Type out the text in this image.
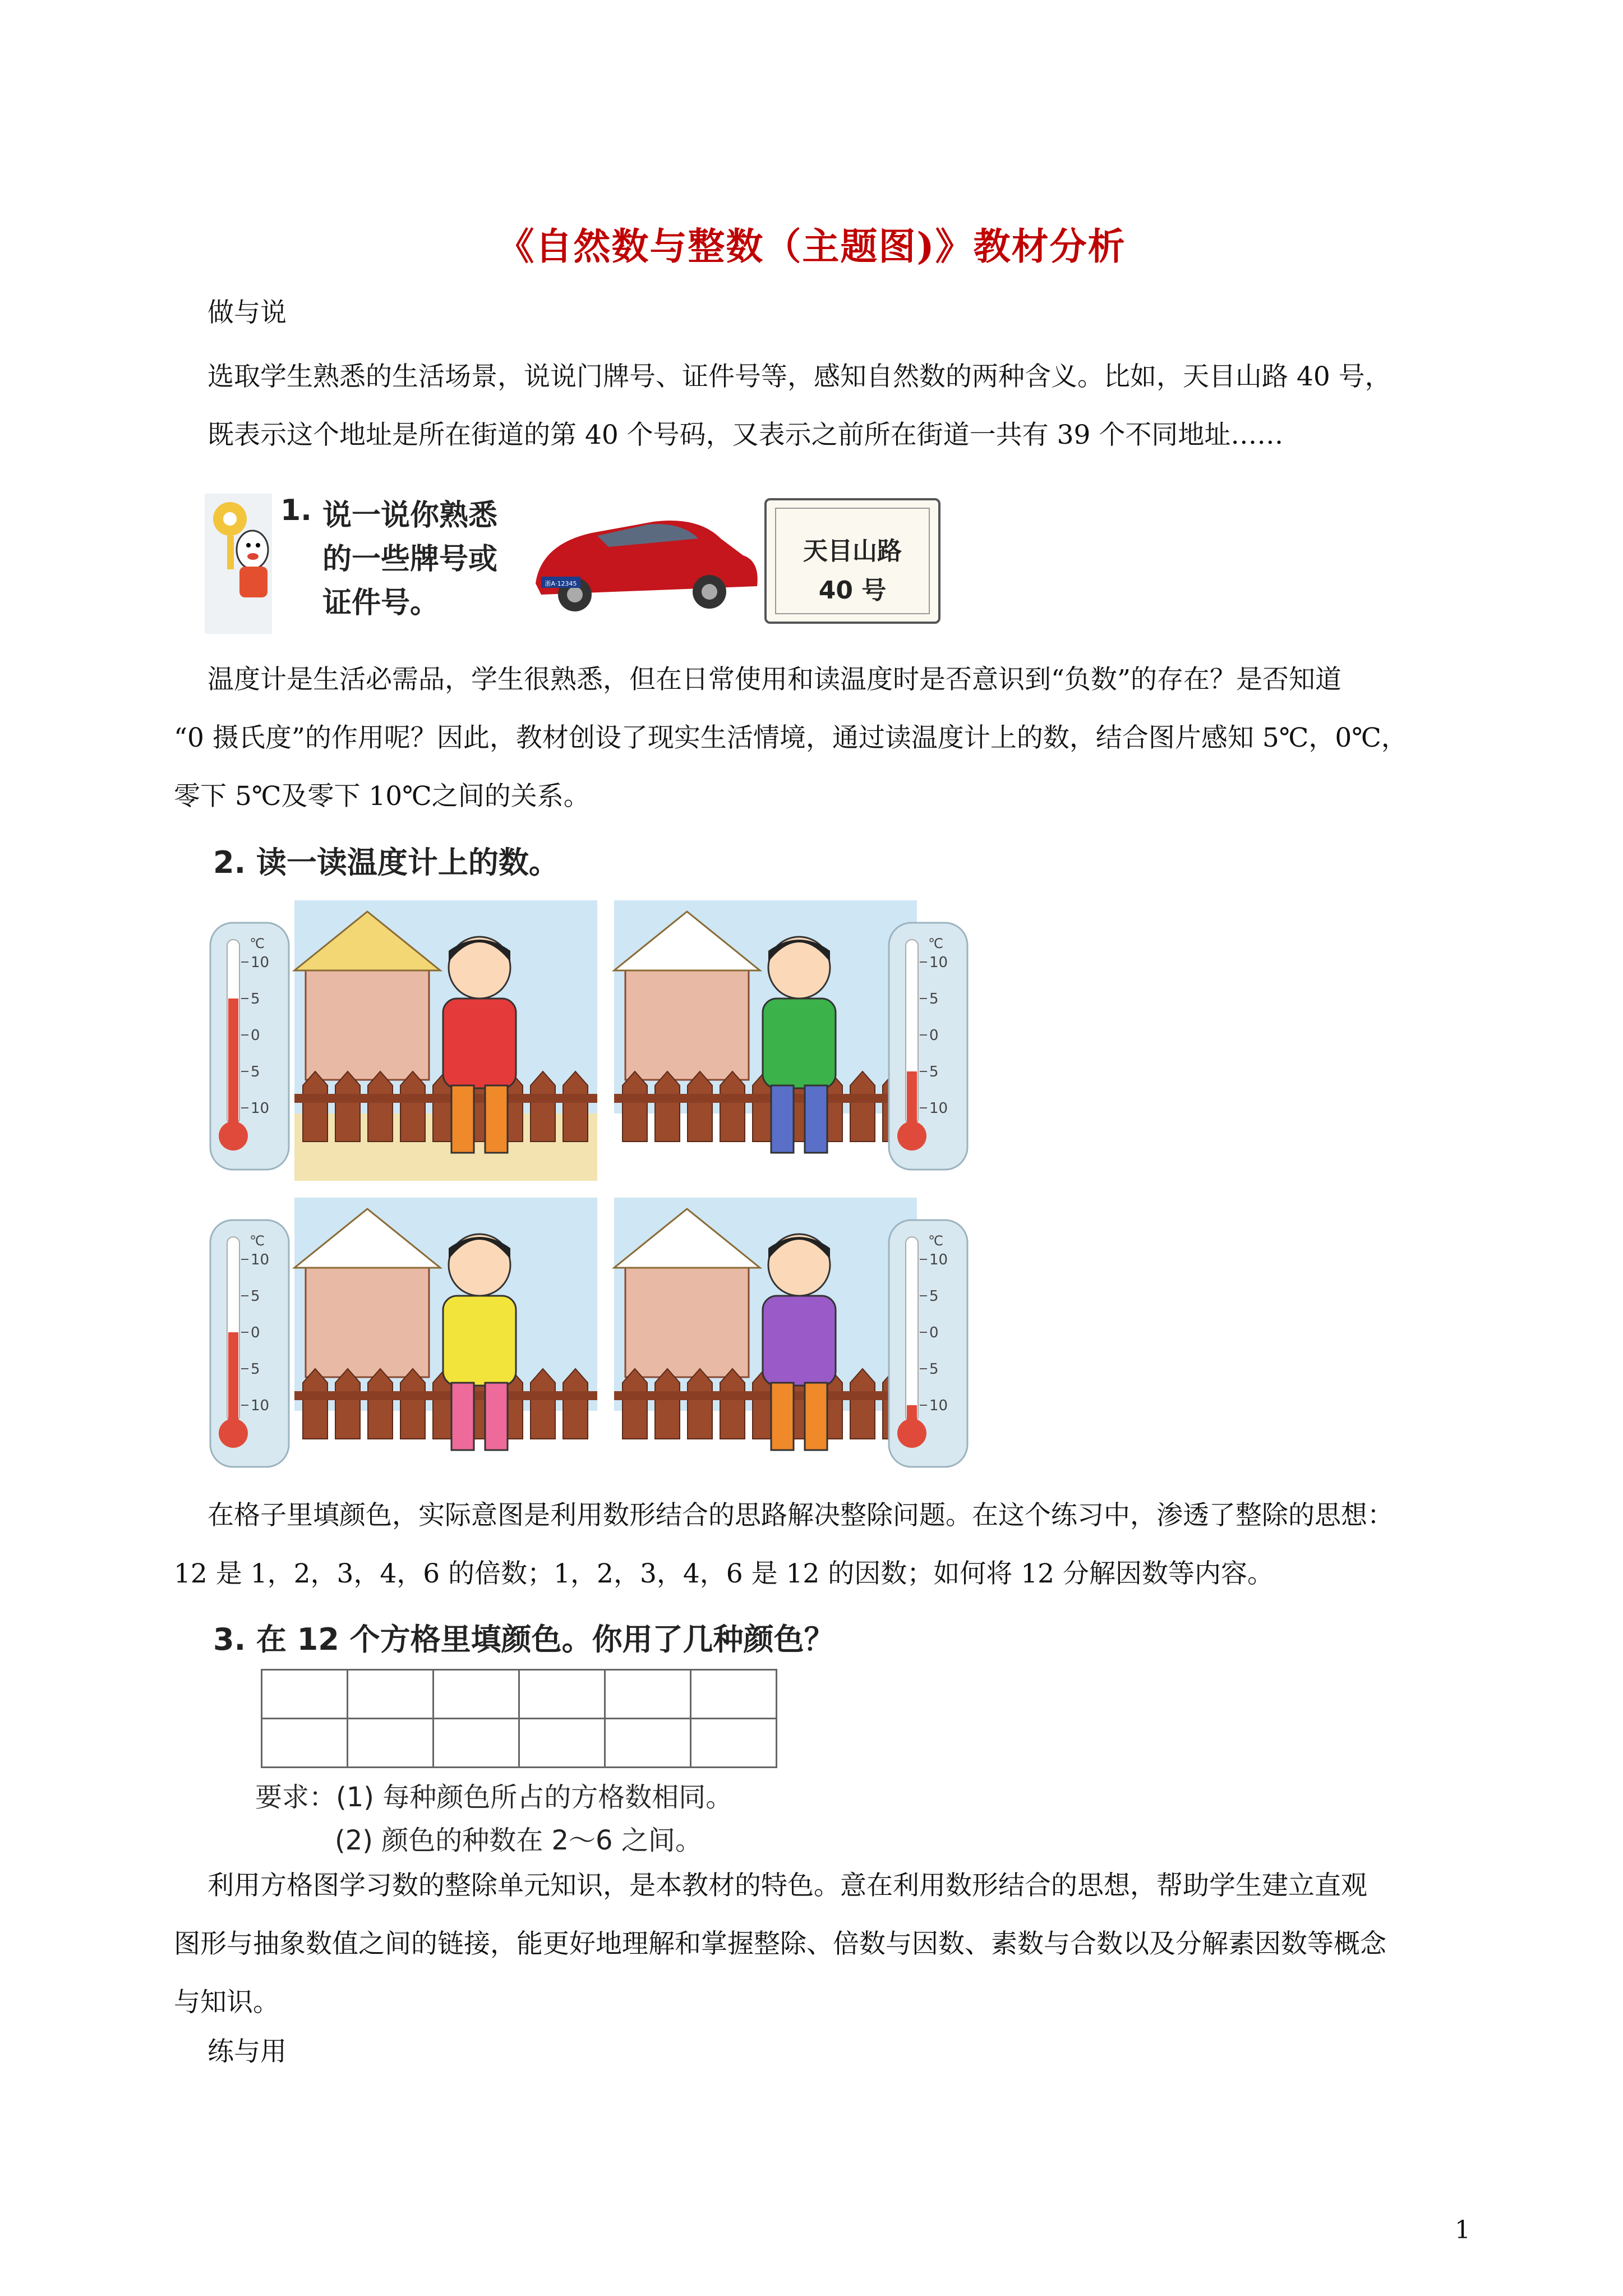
《自然数与整数（主题图)》教材分析
做与说
选取学生熟悉的生活场景，说说门牌号、证件号等，感知自然数的两种含义。比如，天目山路 40 号，
既表示这个地址是所在街道的第 40 个号码，又表示之前所在街道一共有 39 个不同地址……
1. 说一说你熟悉
的一些牌号或
证件号。
浙A·12345
天目山路
40 号
温度计是生活必需品，学生很熟悉，但在日常使用和读温度时是否意识到“负数”的存在？是否知道
“0 摄氏度”的作用呢？因此，教材创设了现实生活情境，通过读温度计上的数，结合图片感知 5℃，0℃，
零下 5℃及零下 10℃之间的关系。
2. 读一读温度计上的数。
℃
10
5
0
5
10
℃
10
5
0
5
10
℃
10
5
0
5
10
℃
10
5
0
5
10
在格子里填颜色，实际意图是利用数形结合的思路解决整除问题。在这个练习中，渗透了整除的思想：
12 是 1，2，3，4，6 的倍数；1，2，3，4，6 是 12 的因数；如何将 12 分解因数等内容。
3. 在 12 个方格里填颜色。你用了几种颜色？

要求：(1) 每种颜色所占的方格数相同。
(2) 颜色的种数在 2～6 之间。
利用方格图学习数的整除单元知识，是本教材的特色。意在利用数形结合的思想，帮助学生建立直观
图形与抽象数值之间的链接，能更好地理解和掌握整除、倍数与因数、素数与合数以及分解素因数等概念
与知识。
练与用
1
